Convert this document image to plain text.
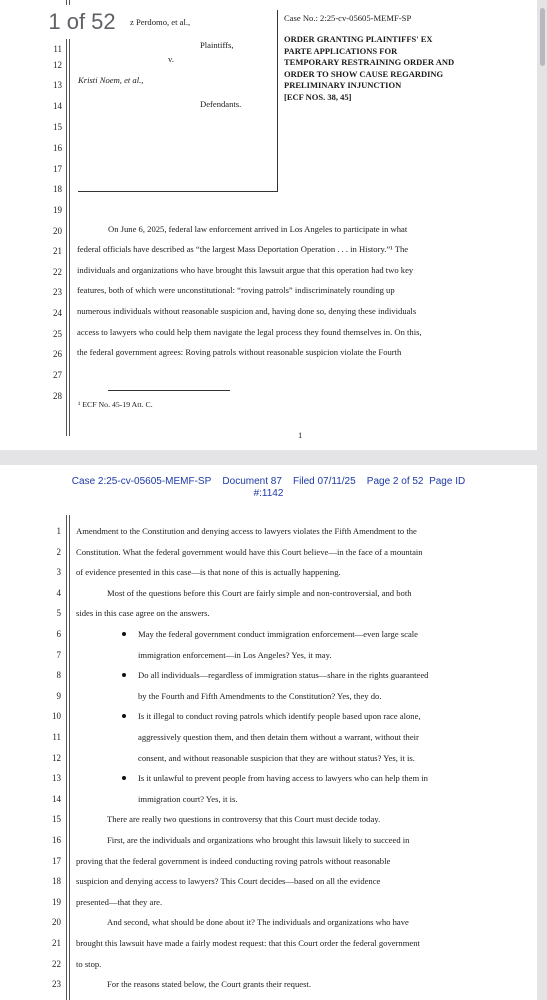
11
12
13
14
15
16
17
18
19
20
21
22
23
24
25
26
27
28
z Perdomo, et al.,
Plaintiffs,
v.
Kristi Noem, et al.,
Defendants.
Case No.: 2:25-cv-05605-MEMF-SP
ORDER GRANTING PLAINTIFFS' EX
PARTE APPLICATIONS FOR
TEMPORARY RESTRAINING ORDER AND
ORDER TO SHOW CAUSE REGARDING
PRELIMINARY INJUNCTION
[ECF NOS. 38, 45]
On June 6, 2025, federal law enforcement arrived in Los Angeles to participate in what
federal officials have described as “the largest Mass Deportation Operation . . . in History.”¹ The
individuals and organizations who have brought this lawsuit argue that this operation had two key
features, both of which were unconstitutional: “roving patrols” indiscriminately rounding up
numerous individuals without reasonable suspicion and, having done so, denying these individuals
access to lawyers who could help them navigate the legal process they found themselves in. On this,
the federal government agrees: Roving patrols without reasonable suspicion violate the Fourth
¹ ECF No. 45-19 Att. C.
1
1 of 52
Case 2:25-cv-05605-MEMF-SP Document 87 Filed 07/11/25 Page 2 of 52 Page ID
#:1142
1
2
3
4
5
6
7
8
9
10
11
12
13
14
15
16
17
18
19
20
21
22
23
Amendment to the Constitution and denying access to lawyers violates the Fifth Amendment to the
Constitution. What the federal government would have this Court believe—in the face of a mountain
of evidence presented in this case—is that none of this is actually happening.
Most of the questions before this Court are fairly simple and non-controversial, and both
sides in this case agree on the answers.
May the federal government conduct immigration enforcement—even large scale
immigration enforcement—in Los Angeles? Yes, it may.
Do all individuals—regardless of immigration status—share in the rights guaranteed
by the Fourth and Fifth Amendments to the Constitution? Yes, they do.
Is it illegal to conduct roving patrols which identify people based upon race alone,
aggressively question them, and then detain them without a warrant, without their
consent, and without reasonable suspicion that they are without status? Yes, it is.
Is it unlawful to prevent people from having access to lawyers who can help them in
immigration court? Yes, it is.
There are really two questions in controversy that this Court must decide today.
First, are the individuals and organizations who brought this lawsuit likely to succeed in
proving that the federal government is indeed conducting roving patrols without reasonable
suspicion and denying access to lawyers? This Court decides—based on all the evidence
presented—that they are.
And second, what should be done about it? The individuals and organizations who have
brought this lawsuit have made a fairly modest request: that this Court order the federal government
to stop.
For the reasons stated below, the Court grants their request.
